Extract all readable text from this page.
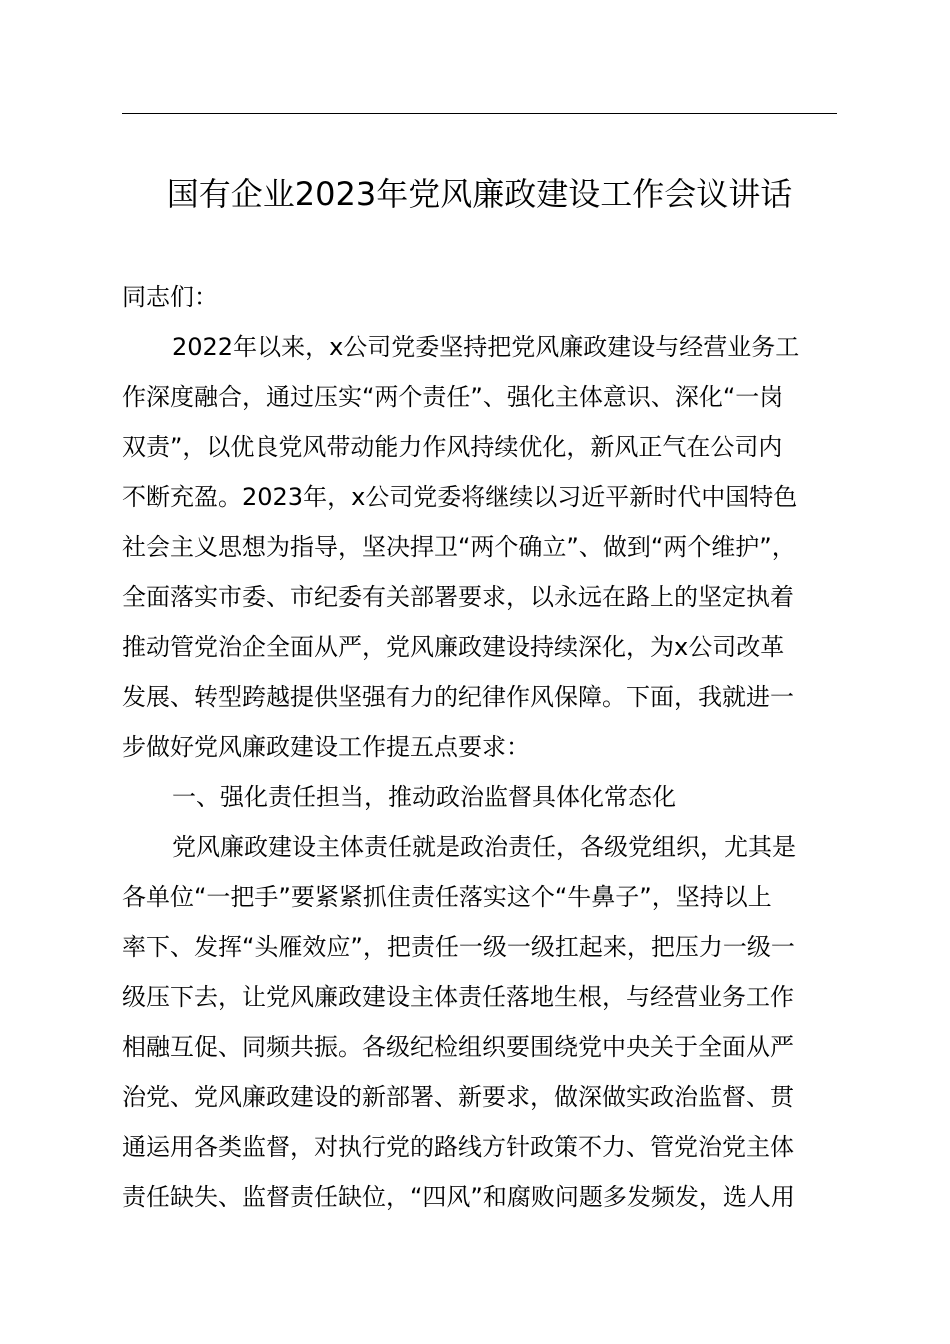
国有企业2023年党风廉政建设工作会议讲话
同志们：
2022年以来，x公司党委坚持把党风廉政建设与经营业务工
作深度融合，通过压实“两个责任”、强化主体意识、深化“一岗
双责”，以优良党风带动能力作风持续优化，新风正气在公司内
不断充盈。2023年，x公司党委将继续以习近平新时代中国特色
社会主义思想为指导，坚决捍卫“两个确立”、做到“两个维护”，
全面落实市委、市纪委有关部署要求，以永远在路上的坚定执着
推动管党治企全面从严，党风廉政建设持续深化，为x公司改革
发展、转型跨越提供坚强有力的纪律作风保障。下面，我就进一
步做好党风廉政建设工作提五点要求：
一、强化责任担当，推动政治监督具体化常态化
党风廉政建设主体责任就是政治责任，各级党组织，尤其是
各单位“一把手”要紧紧抓住责任落实这个“牛鼻子”，坚持以上
率下、发挥“头雁效应”，把责任一级一级扛起来，把压力一级一
级压下去，让党风廉政建设主体责任落地生根，与经营业务工作
相融互促、同频共振。各级纪检组织要围绕党中央关于全面从严
治党、党风廉政建设的新部署、新要求，做深做实政治监督、贯
通运用各类监督，对执行党的路线方针政策不力、管党治党主体
责任缺失、监督责任缺位，“四风”和腐败问题多发频发，选人用
